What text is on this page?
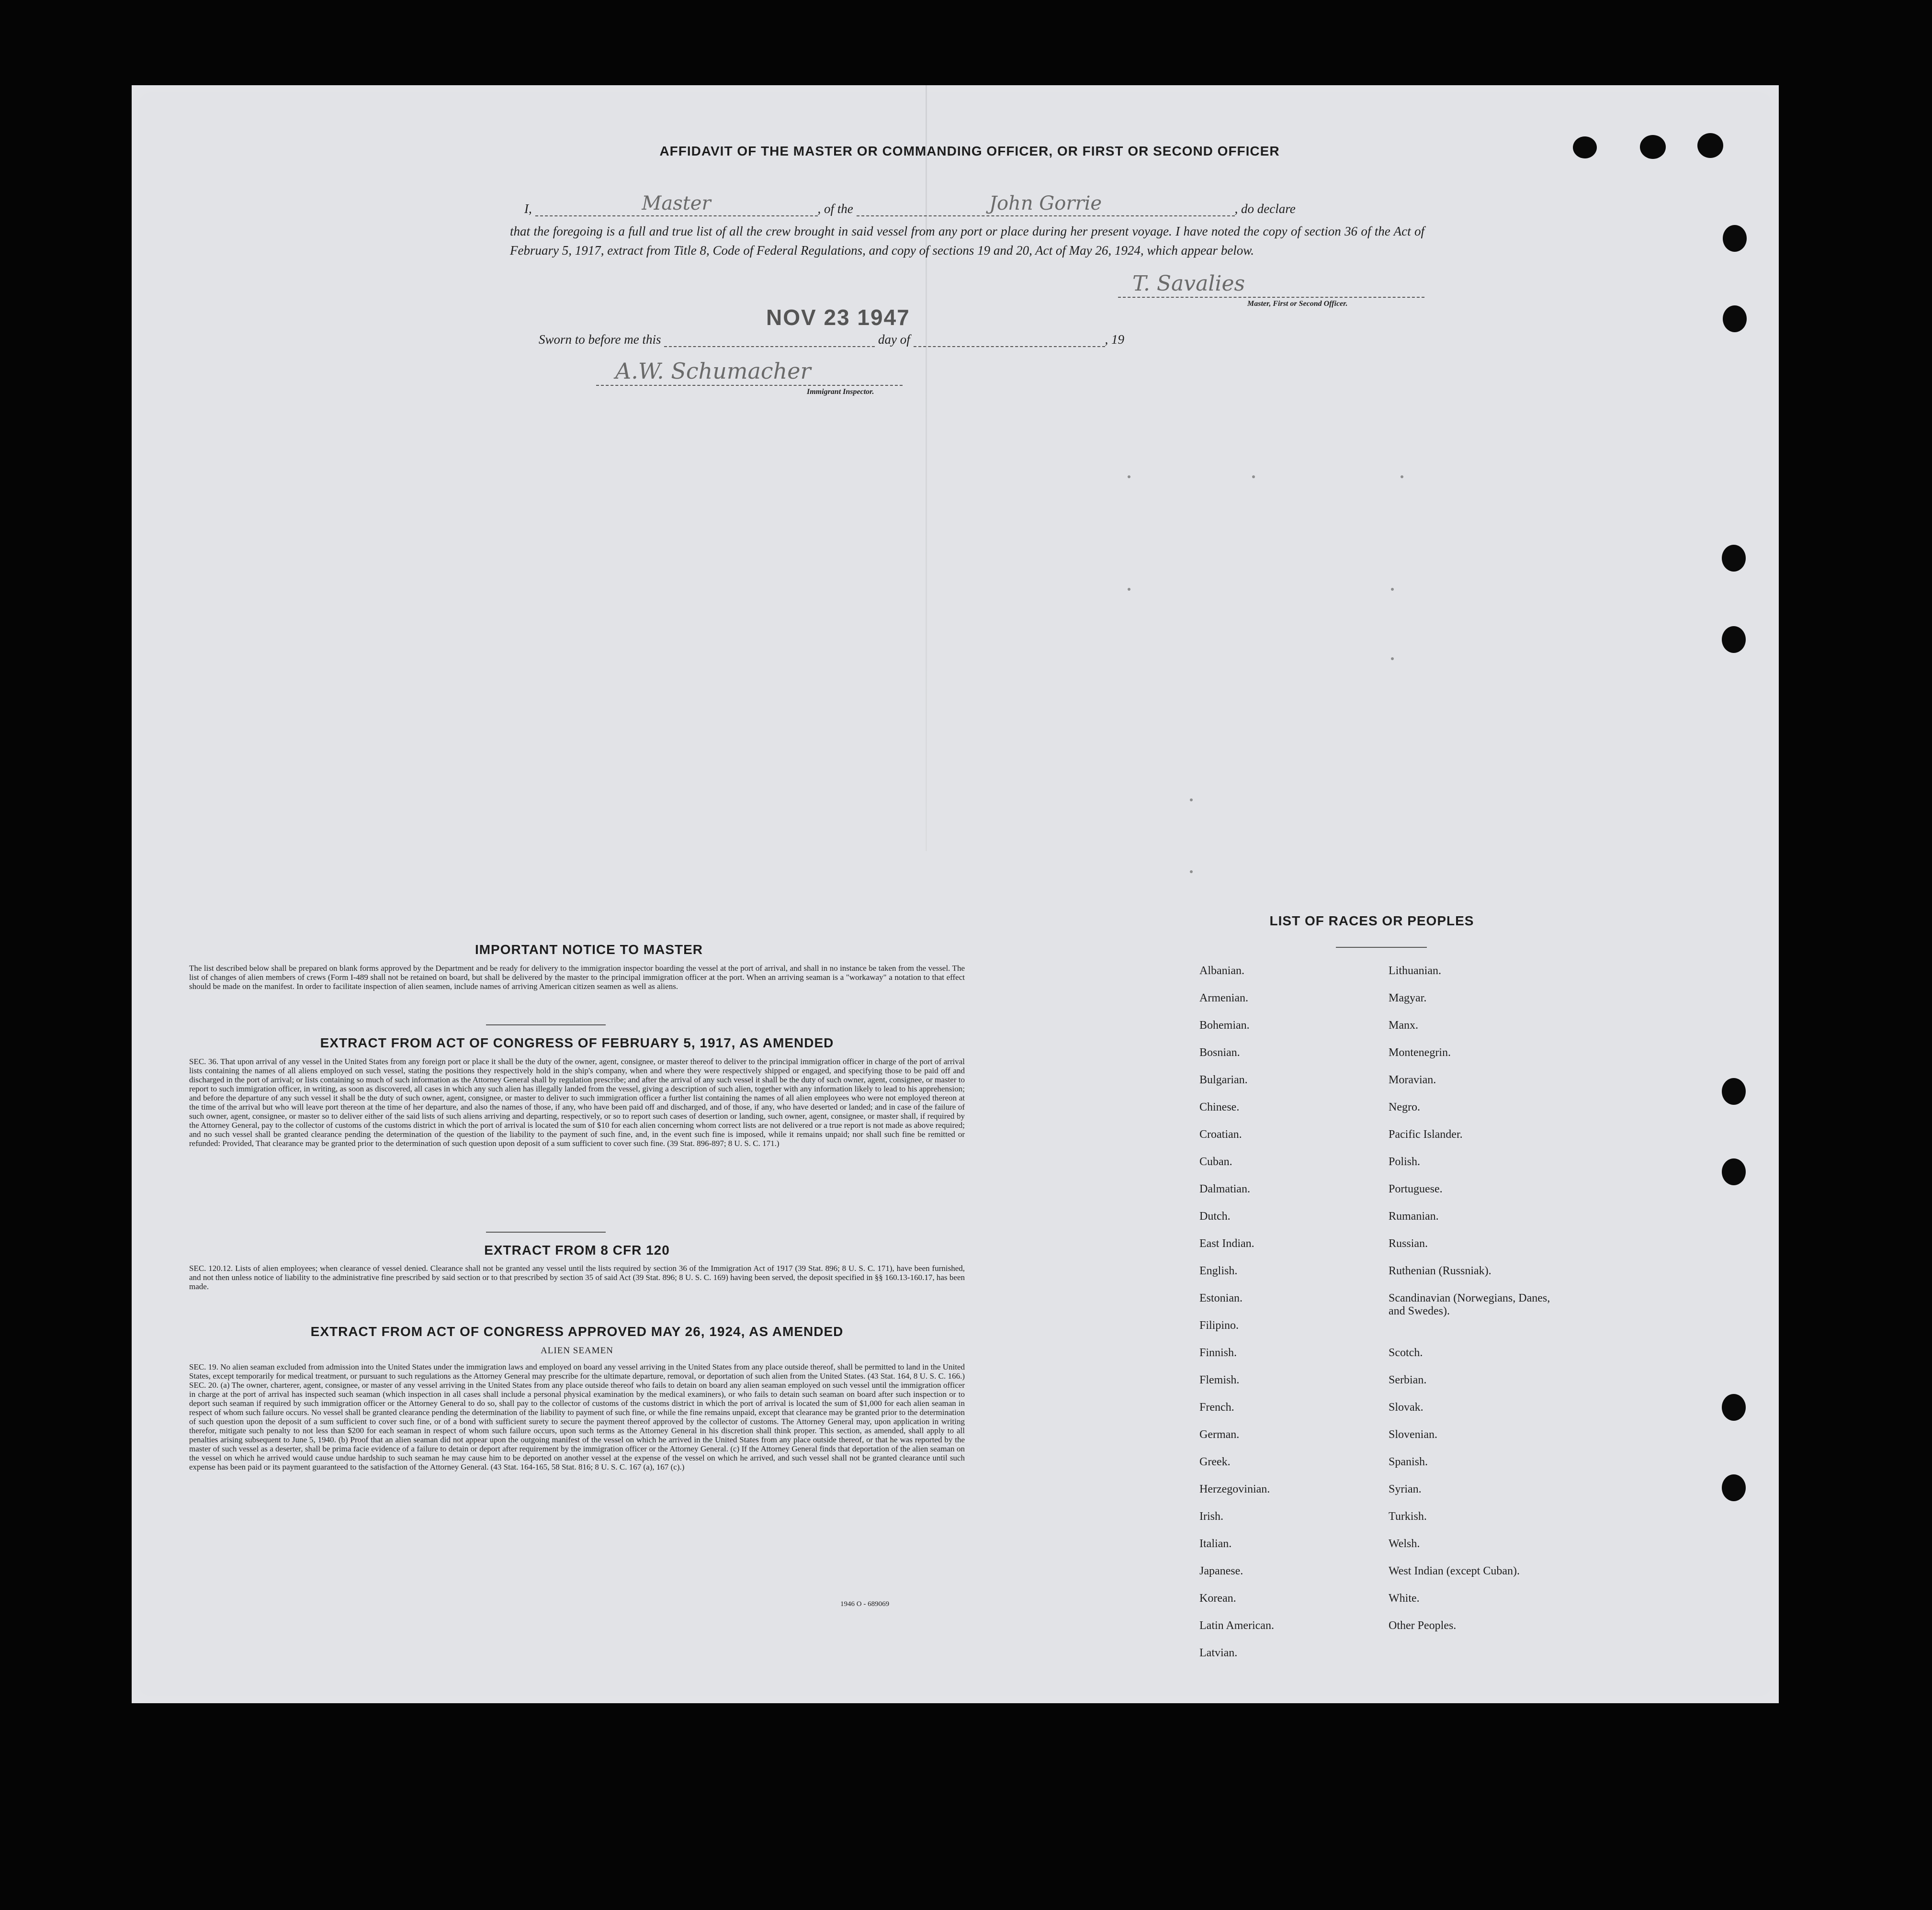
AFFIDAVIT OF THE MASTER OR COMMANDING OFFICER, OR FIRST OR SECOND OFFICER
I,	Master	, of the	John Gorrie	, do declare
that the foregoing is a full and true list of all the crew brought in said vessel from any port or place during her present voyage. I have noted the copy of section 36 of the Act of February 5, 1917, extract from Title 8, Code of Federal Regulations, and copy of sections 19 and 20, Act of May 26, 1924, which appear below.
T. Savalies
Master, First or Second Officer.
NOV 23 1947
Sworn to before me this	day of	, 19
A.W. Schumacher
Immigrant Inspector.
IMPORTANT NOTICE TO MASTER
The list described below shall be prepared on blank forms approved by the Department and be ready for delivery to the immigration inspector boarding the vessel at the port of arrival, and shall in no instance be taken from the vessel. The list of changes of alien members of crews (Form I-489 shall not be retained on board, but shall be delivered by the master to the principal immigration officer at the port. When an arriving seaman is a "workaway" a notation to that effect should be made on the manifest. In order to facilitate inspection of alien seamen, include names of arriving American citizen seamen as well as aliens.
EXTRACT FROM ACT OF CONGRESS OF FEBRUARY 5, 1917, AS AMENDED
SEC. 36. That upon arrival of any vessel in the United States from any foreign port or place it shall be the duty of the owner, agent, consignee, or master thereof to deliver to the principal immigration officer in charge of the port of arrival lists containing the names of all aliens employed on such vessel, stating the positions they respectively hold in the ship's company, when and where they were respectively shipped or engaged, and specifying those to be paid off and discharged in the port of arrival; or lists containing so much of such information as the Attorney General shall by regulation prescribe; and after the arrival of any such vessel it shall be the duty of such owner, agent, consignee, or master to report to such immigration officer, in writing, as soon as discovered, all cases in which any such alien has illegally landed from the vessel, giving a description of such alien, together with any information likely to lead to his apprehension; and before the departure of any such vessel it shall be the duty of such owner, agent, consignee, or master to deliver to such immigration officer a further list containing the names of all alien employees who were not employed thereon at the time of the arrival but who will leave port thereon at the time of her departure, and also the names of those, if any, who have been paid off and discharged, and of those, if any, who have deserted or landed; and in case of the failure of such owner, agent, consignee, or master so to deliver either of the said lists of such aliens arriving and departing, respectively, or so to report such cases of desertion or landing, such owner, agent, consignee, or master shall, if required by the Attorney General, pay to the collector of customs of the customs district in which the port of arrival is located the sum of $10 for each alien concerning whom correct lists are not delivered or a true report is not made as above required; and no such vessel shall be granted clearance pending the determination of the question of the liability to the payment of such fine, and, in the event such fine is imposed, while it remains unpaid; nor shall such fine be remitted or refunded: Provided, That clearance may be granted prior to the determination of such question upon deposit of a sum sufficient to cover such fine. (39 Stat. 896-897; 8 U. S. C. 171.)
EXTRACT FROM 8 CFR 120
SEC. 120.12. Lists of alien employees; when clearance of vessel denied. Clearance shall not be granted any vessel until the lists required by section 36 of the Immigration Act of 1917 (39 Stat. 896; 8 U. S. C. 171), have been furnished, and not then unless notice of liability to the administrative fine prescribed by said section or to that prescribed by section 35 of said Act (39 Stat. 896; 8 U. S. C. 169) having been served, the deposit specified in §§ 160.13-160.17, has been made.
EXTRACT FROM ACT OF CONGRESS APPROVED MAY 26, 1924, AS AMENDED
ALIEN SEAMEN
SEC. 19. No alien seaman excluded from admission into the United States under the immigration laws and employed on board any vessel arriving in the United States from any place outside thereof, shall be permitted to land in the United States, except temporarily for medical treatment, or pursuant to such regulations as the Attorney General may prescribe for the ultimate departure, removal, or deportation of such alien from the United States. (43 Stat. 164, 8 U. S. C. 166.) SEC. 20. (a) The owner, charterer, agent, consignee, or master of any vessel arriving in the United States from any place outside thereof who fails to detain on board any alien seaman employed on such vessel until the immigration officer in charge at the port of arrival has inspected such seaman (which inspection in all cases shall include a personal physical examination by the medical examiners), or who fails to detain such seaman on board after such inspection or to deport such seaman if required by such immigration officer or the Attorney General to do so, shall pay to the collector of customs of the customs district in which the port of arrival is located the sum of $1,000 for each alien seaman in respect of whom such failure occurs. No vessel shall be granted clearance pending the determination of the liability to payment of such fine, or while the fine remains unpaid, except that clearance may be granted prior to the determination of such question upon the deposit of a sum sufficient to cover such fine, or of a bond with sufficient surety to secure the payment thereof approved by the collector of customs. The Attorney General may, upon application in writing therefor, mitigate such penalty to not less than $200 for each seaman in respect of whom such failure occurs, upon such terms as the Attorney General in his discretion shall think proper. This section, as amended, shall apply to all penalties arising subsequent to June 5, 1940. (b) Proof that an alien seaman did not appear upon the outgoing manifest of the vessel on which he arrived in the United States from any place outside thereof, or that he was reported by the master of such vessel as a deserter, shall be prima facie evidence of a failure to detain or deport after requirement by the immigration officer or the Attorney General. (c) If the Attorney General finds that deportation of the alien seaman on the vessel on which he arrived would cause undue hardship to such seaman he may cause him to be deported on another vessel at the expense of the vessel on which he arrived, and such vessel shall not be granted clearance until such expense has been paid or its payment guaranteed to the satisfaction of the Attorney General. (43 Stat. 164-165, 58 Stat. 816; 8 U. S. C. 167 (a), 167 (c).)
1946 O - 689069
LIST OF RACES OR PEOPLES
Albanian.
Armenian.
Bohemian.
Bosnian.
Bulgarian.
Chinese.
Croatian.
Cuban.
Dalmatian.
Dutch.
East Indian.
English.
Estonian.
Filipino.
Finnish.
Flemish.
French.
German.
Greek.
Herzegovinian.
Irish.
Italian.
Japanese.
Korean.
Latin American.
Latvian.
Lithuanian.
Magyar.
Manx.
Montenegrin.
Moravian.
Negro.
Pacific Islander.
Polish.
Portuguese.
Rumanian.
Russian.
Ruthenian (Russniak).
Scandinavian (Norwegians, Danes, and Swedes).
Scotch.
Serbian.
Slovak.
Slovenian.
Spanish.
Syrian.
Turkish.
Welsh.
West Indian (except Cuban).
White.
Other Peoples.
